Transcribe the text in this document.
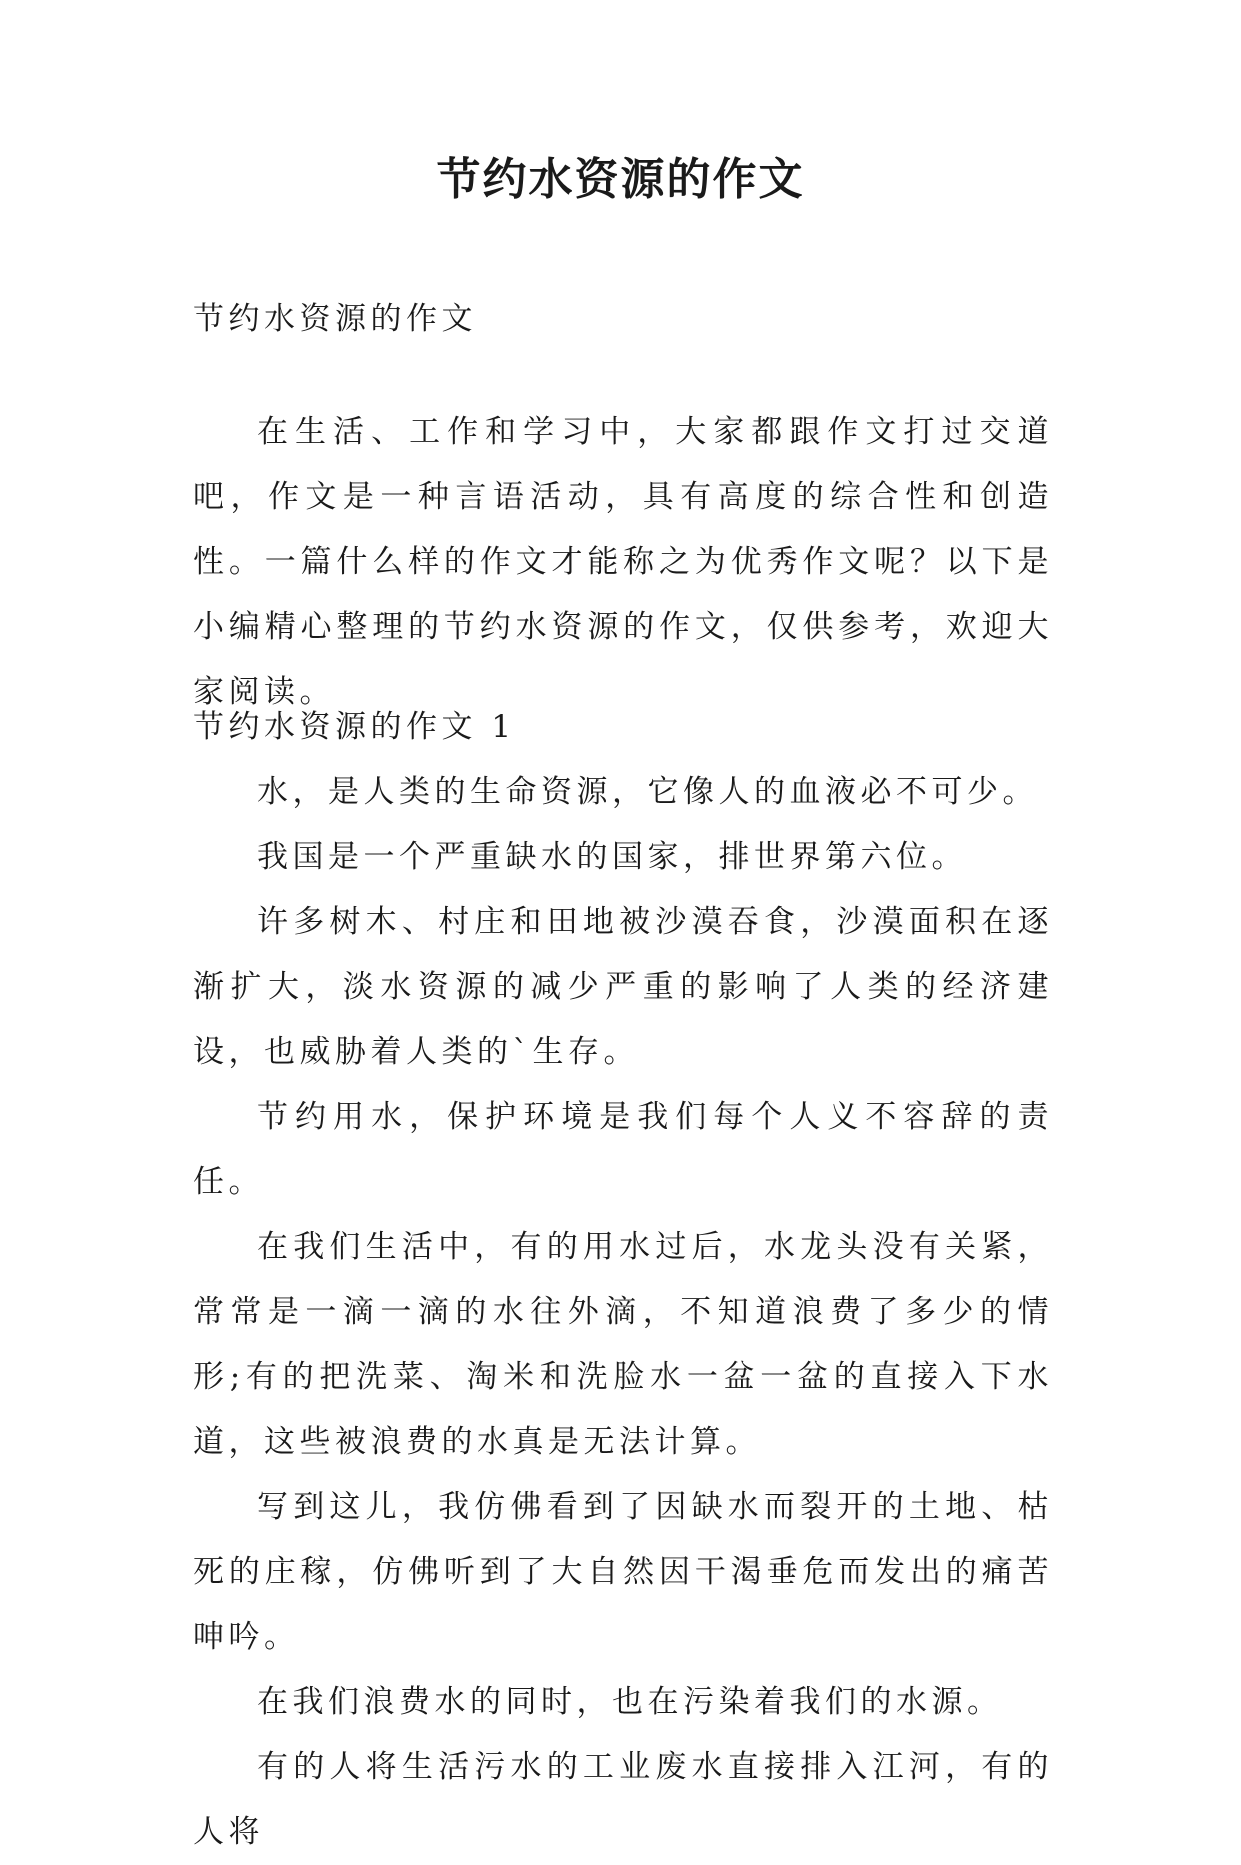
节约水资源的作文

节约水资源的作文

在生活、工作和学习中，大家都跟作文打过交道吧，作文是一种言语活动，具有高度的综合性和创造性。一篇什么样的作文才能称之为优秀作文呢？以下是小编精心整理的节约水资源的作文，仅供参考，欢迎大家阅读。

节约水资源的作文 1

水，是人类的生命资源，它像人的血液必不可少。

我国是一个严重缺水的国家，排世界第六位。

许多树木、村庄和田地被沙漠吞食，沙漠面积在逐渐扩大，淡水资源的减少严重的影响了人类的经济建设，也威胁着人类的`生存。

节约用水，保护环境是我们每个人义不容辞的责任。

在我们生活中，有的用水过后，水龙头没有关紧，常常是一滴一滴的水往外滴，不知道浪费了多少的情形;有的把洗菜、淘米和洗脸水一盆一盆的直接入下水道，这些被浪费的水真是无法计算。

写到这儿，我仿佛看到了因缺水而裂开的土地、枯死的庄稼，仿佛听到了大自然因干渴垂危而发出的痛苦呻吟。

在我们浪费水的同时，也在污染着我们的水源。

有的人将生活污水的工业废水直接排入江河，有的人将
